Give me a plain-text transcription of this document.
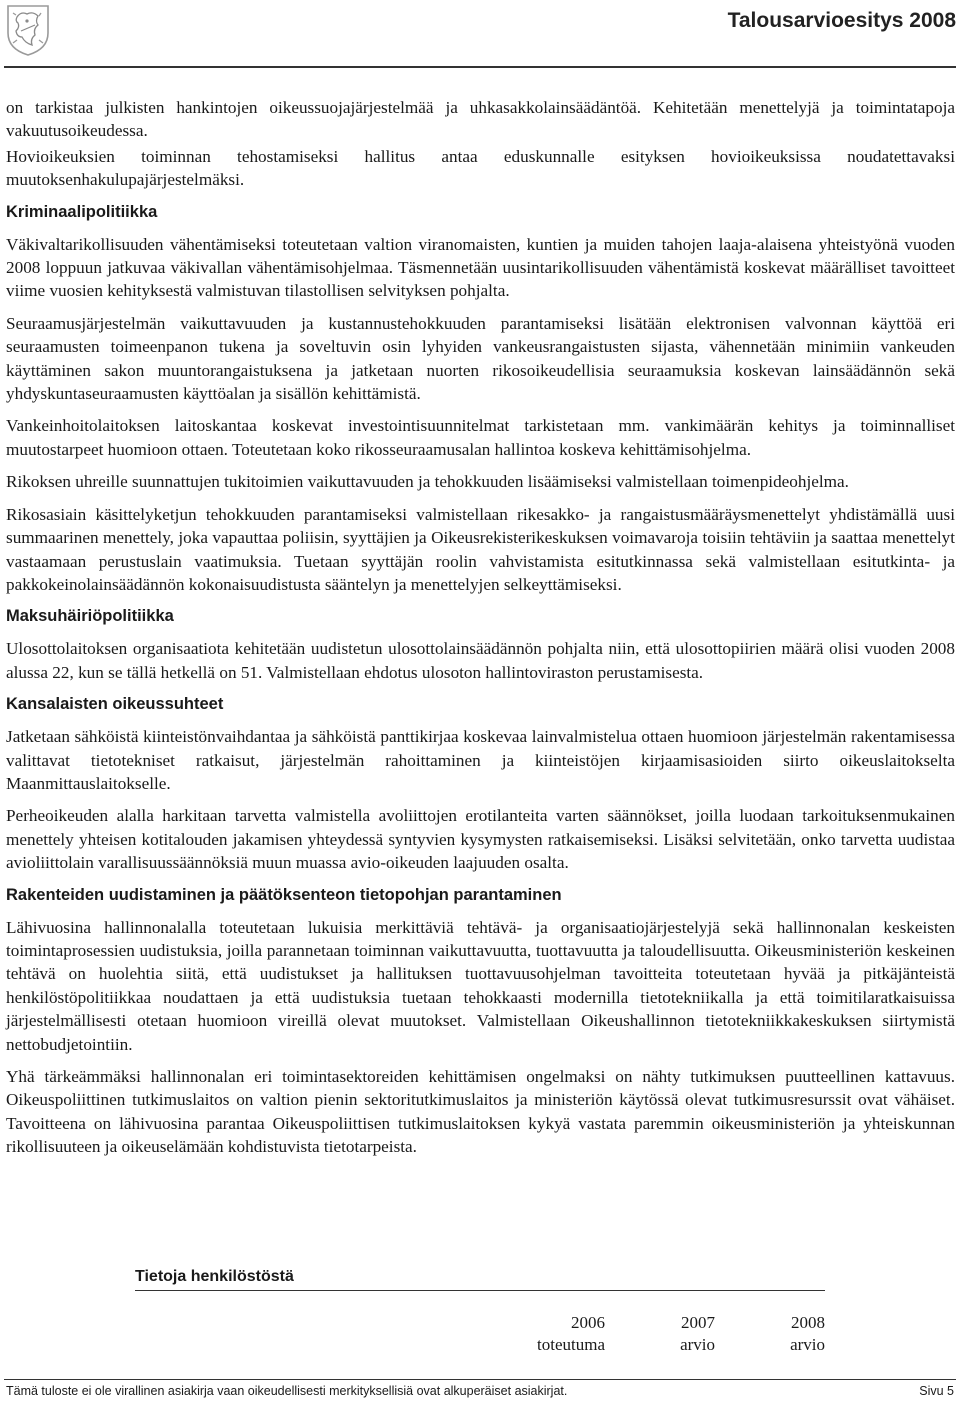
Talousarvioesitys 2008

on tarkistaa julkisten hankintojen oikeussuojajärjestelmää ja uhkasakkolainsäädäntöä. Kehitetään menettelyjä ja toimintatapoja vakuutusoikeudessa.

Hovioikeuksien toiminnan tehostamiseksi hallitus antaa eduskunnalle esityksen hovioikeuksissa noudatettavaksi muutoksenhakulupajärjestelmäksi.

Kriminaalipolitiikka

Väkivaltarikollisuuden vähentämiseksi toteutetaan valtion viranomaisten, kuntien ja muiden tahojen laaja-alaisena yhteistyönä vuoden 2008 loppuun jatkuvaa väkivallan vähentämisohjelmaa. Täsmennetään uusintarikollisuuden vähentämistä koskevat määrälliset tavoitteet viime vuosien kehityksestä valmistuvan tilastollisen selvityksen pohjalta.

Seuraamusjärjestelmän vaikuttavuuden ja kustannustehokkuuden parantamiseksi lisätään elektronisen valvonnan käyttöä eri seuraamusten toimeenpanon tukena ja soveltuvin osin lyhyiden vankeusrangaistusten sijasta, vähennetään minimiin vankeuden käyttäminen sakon muuntorangaistuksena ja jatketaan nuorten rikosoikeudellisia seuraamuksia koskevan lainsäädännön sekä yhdyskuntaseuraamusten käyttöalan ja sisällön kehittämistä.

Vankeinhoitolaitoksen laitoskantaa koskevat investointisuunnitelmat tarkistetaan mm. vankimäärän kehitys ja toiminnalliset muutostarpeet huomioon ottaen. Toteutetaan koko rikosseuraamusalan hallintoa koskeva kehittämisohjelma.

Rikoksen uhreille suunnattujen tukitoimien vaikuttavuuden ja tehokkuuden lisäämiseksi valmistellaan toimenpideohjelma.

Rikosasiain käsittelyketjun tehokkuuden parantamiseksi valmistellaan rikesakko- ja rangaistusmääräysmenettelyt yhdistämällä uusi summaarinen menettely, joka vapauttaa poliisin, syyttäjien ja Oikeusrekisterikeskuksen voimavaroja toisiin tehtäviin ja saattaa menettelyt vastaamaan perustuslain vaatimuksia. Tuetaan syyttäjän roolin vahvistamista esitutkinnassa sekä valmistellaan esitutkinta- ja pakkokeinolainsäädännön kokonaisuudistusta sääntelyn ja menettelyjen selkeyttämiseksi.

Maksuhäiriöpolitiikka

Ulosottolaitoksen organisaatiota kehitetään uudistetun ulosottolainsäädännön pohjalta niin, että ulosottopiirien määrä olisi vuoden 2008 alussa 22, kun se tällä hetkellä on 51. Valmistellaan ehdotus ulosoton hallintoviraston perustamisesta.

Kansalaisten oikeussuhteet

Jatketaan sähköistä kiinteistönvaihdantaa ja sähköistä panttikirjaa koskevaa lainvalmistelua ottaen huomioon järjestelmän rakentamisessa valittavat tietotekniset ratkaisut, järjestelmän rahoittaminen ja kiinteistöjen kirjaamisasioiden siirto oikeuslaitokselta Maanmittauslaitokselle.

Perheoikeuden alalla harkitaan tarvetta valmistella avoliittojen erotilanteita varten säännökset, joilla luodaan tarkoituksenmukainen menettely yhteisen kotitalouden jakamisen yhteydessä syntyvien kysymysten ratkaisemiseksi. Lisäksi selvitetään, onko tarvetta uudistaa avioliittolain varallisuussäännöksiä muun muassa avio-oikeuden laajuuden osalta.

Rakenteiden uudistaminen ja päätöksenteon tietopohjan parantaminen

Lähivuosina hallinnonalalla toteutetaan lukuisia merkittäviä tehtävä- ja organisaatiojärjestelyjä sekä hallinnonalan keskeisten toimintaprosessien uudistuksia, joilla parannetaan toiminnan vaikuttavuutta, tuottavuutta ja taloudellisuutta. Oikeusministeriön keskeinen tehtävä on huolehtia siitä, että uudistukset ja hallituksen tuottavuusohjelman tavoitteita toteutetaan hyvää ja pitkäjänteistä henkilöstöpolitiikkaa noudattaen ja että uudistuksia tuetaan tehokkaasti modernilla tietotekniikalla ja että toimitilaratkaisuissa järjestelmällisesti otetaan huomioon vireillä olevat muutokset. Valmistellaan Oikeushallinnon tietotekniikkakeskuksen siirtymistä nettobudjetointiin.

Yhä tärkeämmäksi hallinnonalan eri toimintasektoreiden kehittämisen ongelmaksi on nähty tutkimuksen puutteellinen kattavuus. Oikeuspoliittinen tutkimuslaitos on valtion pienin sektoritutkimuslaitos ja ministeriön käytössä olevat tutkimusresurssit ovat vähäiset. Tavoitteena on lähivuosina parantaa Oikeuspoliittisen tutkimuslaitoksen kykyä vastata paremmin oikeusministeriön ja yhteiskunnan rikollisuuteen ja oikeuselämään kohdistuvista tietotarpeista.

Tietoja henkilöstöstä
2006	2007	2008
toteutuma	arvio	arvio
Tämä tuloste ei ole virallinen asiakirja vaan oikeudellisesti merkityksellisiä ovat alkuperäiset asiakirjat.	Sivu 5
